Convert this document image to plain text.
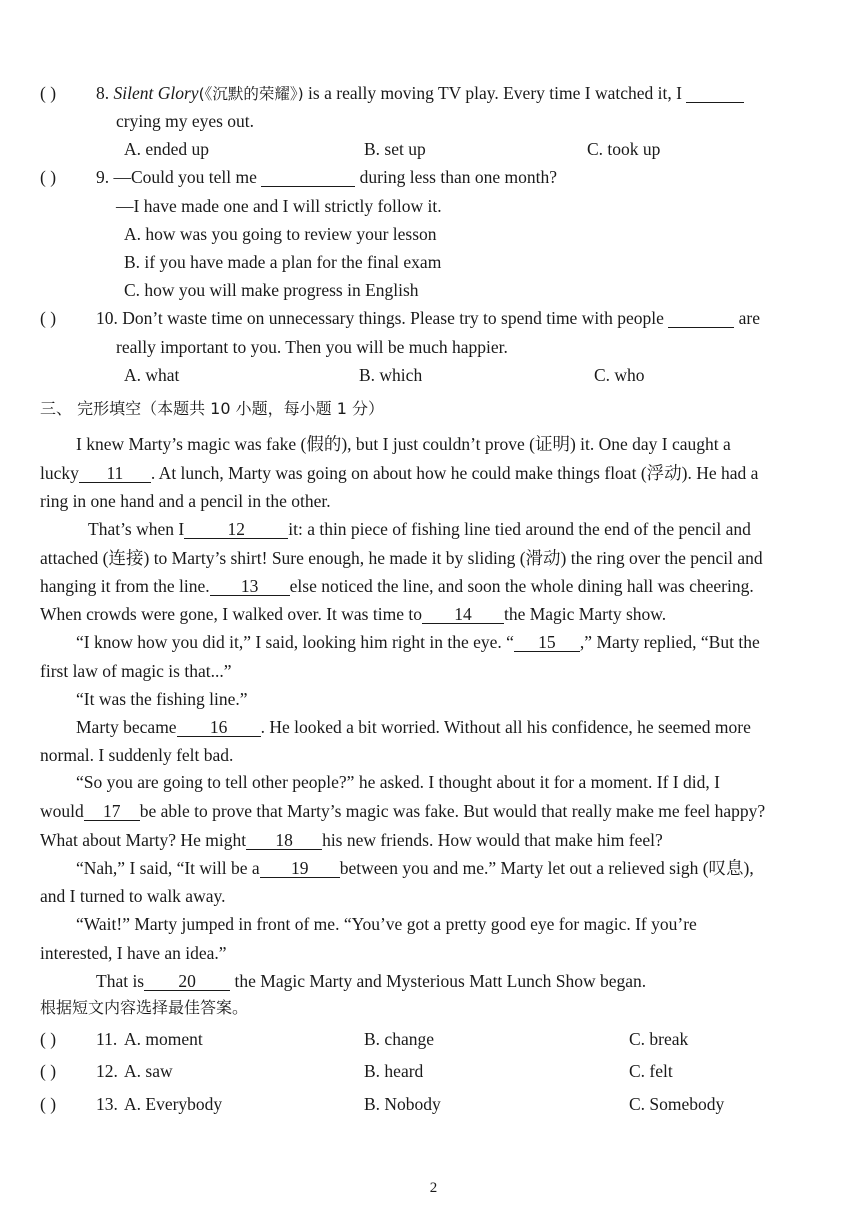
( ) 8. Silent Glory(《沉默的荣耀》) is a really moving TV play. Every time I watched it, I
crying my eyes out.
A. ended up	B. set up	C. took up
( ) 9. —Could you tell me	during less than one month?
—I have made one and I will strictly follow it.
A. how was you going to review your lesson
B. if you have made a plan for the final exam
C. how you will make progress in English
( ) 10. Don’t waste time on unnecessary things. Please try to spend time with people	are
really important to you. Then you will be much happier.
A. what	B. which	C. who
三、 完形填空（本题共 10 小题，每小题 1 分）
I knew Marty’s magic was fake (假的), but I just couldn’t prove (证明) it. One day I caught a
lucky 11 . At lunch, Marty was going on about how he could make things float (浮动). He had a
ring in one hand and a pencil in the other.
That’s when I 12 it: a thin piece of fishing line tied around the end of the pencil and
attached (连接) to Marty’s shirt! Sure enough, he made it by sliding (滑动) the ring over the pencil and
hanging it from the line. 13 else noticed the line, and soon the whole dining hall was cheering.
When crowds were gone, I walked over. It was time to 14 the Magic Marty show.
“I know how you did it,” I said, looking him right in the eye. “ 15 ,” Marty replied, “But the
first law of magic is that...”
“It was the fishing line.”
Marty became 16 . He looked a bit worried. Without all his confidence, he seemed more
normal. I suddenly felt bad.
“So you are going to tell other people?” he asked. I thought about it for a moment. If I did, I
would 17 be able to prove that Marty’s magic was fake. But would that really make me feel happy?
What about Marty? He might 18 his new friends. How would that make him feel?
“Nah,” I said, “It will be a 19 between you and me.” Marty let out a relieved sigh (叹息),
and I turned to walk away.
“Wait!” Marty jumped in front of me. “You’ve got a pretty good eye for magic. If you’re
interested, I have an idea.”
That is 20 the Magic Marty and Mysterious Matt Lunch Show began.
根据短文内容选择最佳答案。
( ) 11. A. moment	B. change	C. break
( ) 12. A. saw	B. heard	C. felt
( ) 13. A. Everybody	B. Nobody	C. Somebody
2
